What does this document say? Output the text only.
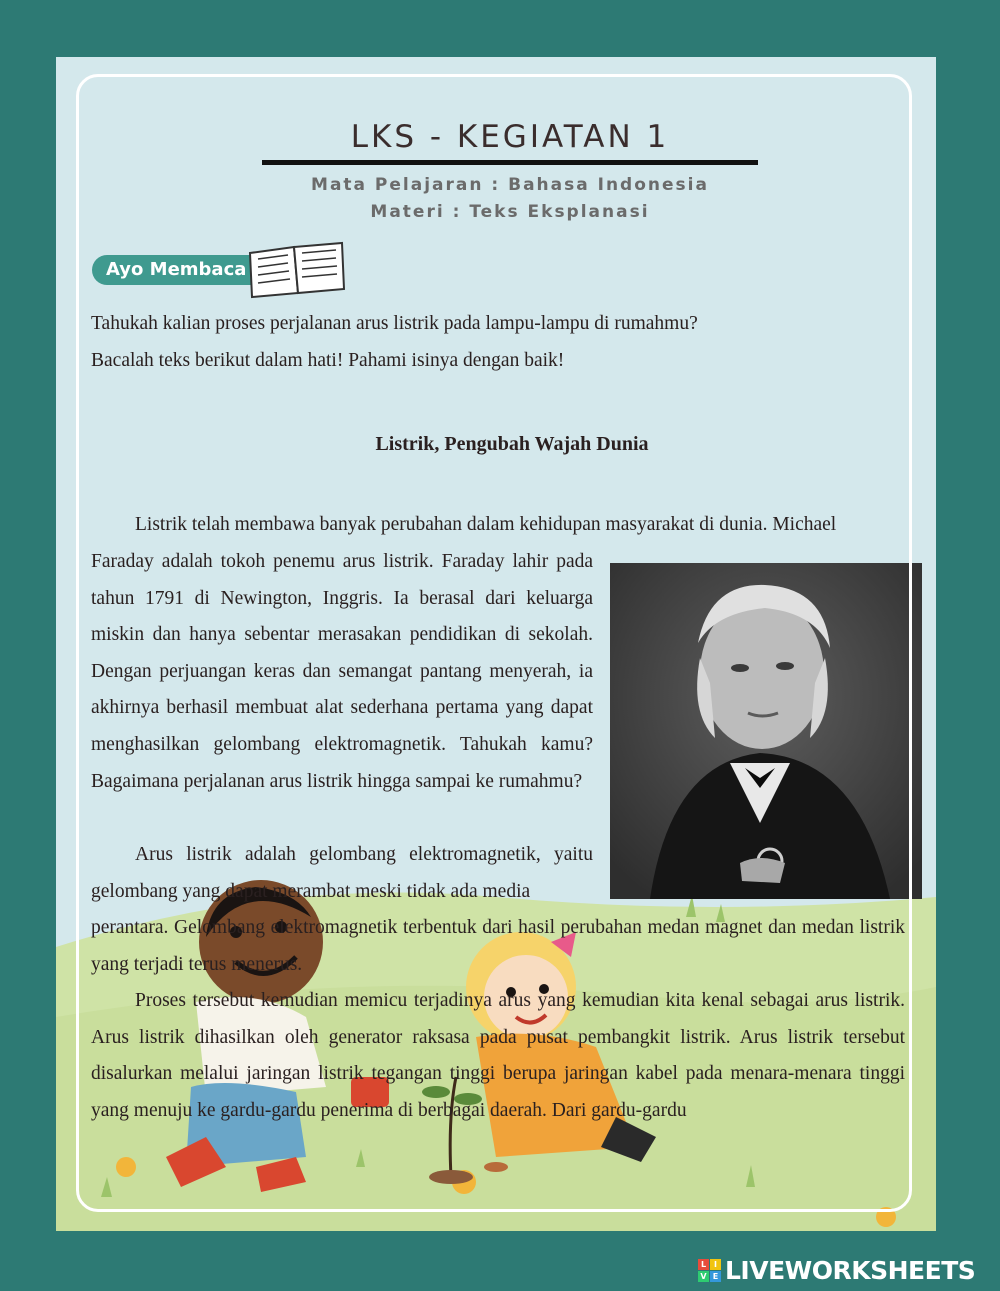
LKS - KEGIATAN 1
Mata Pelajaran : Bahasa Indonesia
Materi : Teks Eksplanasi
Ayo Membaca
Tahukah kalian proses perjalanan arus listrik pada lampu-lampu di rumahmu?
Bacalah teks berikut dalam hati! Pahami isinya dengan baik!
Listrik, Pengubah Wajah Dunia
Listrik telah membawa banyak perubahan dalam kehidupan masyarakat di dunia. Michael
Faraday adalah tokoh penemu arus listrik. Faraday lahir pada tahun 1791 di Newington, Inggris. Ia berasal dari keluarga miskin dan hanya sebentar merasakan pendidikan di sekolah. Dengan perjuangan keras dan semangat pantang menyerah, ia akhirnya berhasil membuat alat sederhana pertama yang dapat menghasilkan gelombang elektromagnetik. Tahukah kamu? Bagaimana perjalanan arus listrik hingga sampai ke rumahmu?
Arus listrik adalah gelombang elektromagnetik, yaitu gelombang yang dapat merambat meski tidak ada media
perantara. Gelombang elektromagnetik terbentuk dari hasil perubahan medan magnet dan medan listrik yang terjadi terus menerus.
Proses tersebut kemudian memicu terjadinya arus yang kemudian kita kenal sebagai arus listrik. Arus listrik dihasilkan oleh generator raksasa pada pusat pembangkit listrik. Arus listrik tersebut disalurkan melalui jaringan listrik tegangan tinggi berupa jaringan kabel pada menara-menara tinggi yang menuju ke gardu-gardu penerima di berbagai daerah. Dari gardu-gardu
L I
V E LIVEWORKSHEETS
